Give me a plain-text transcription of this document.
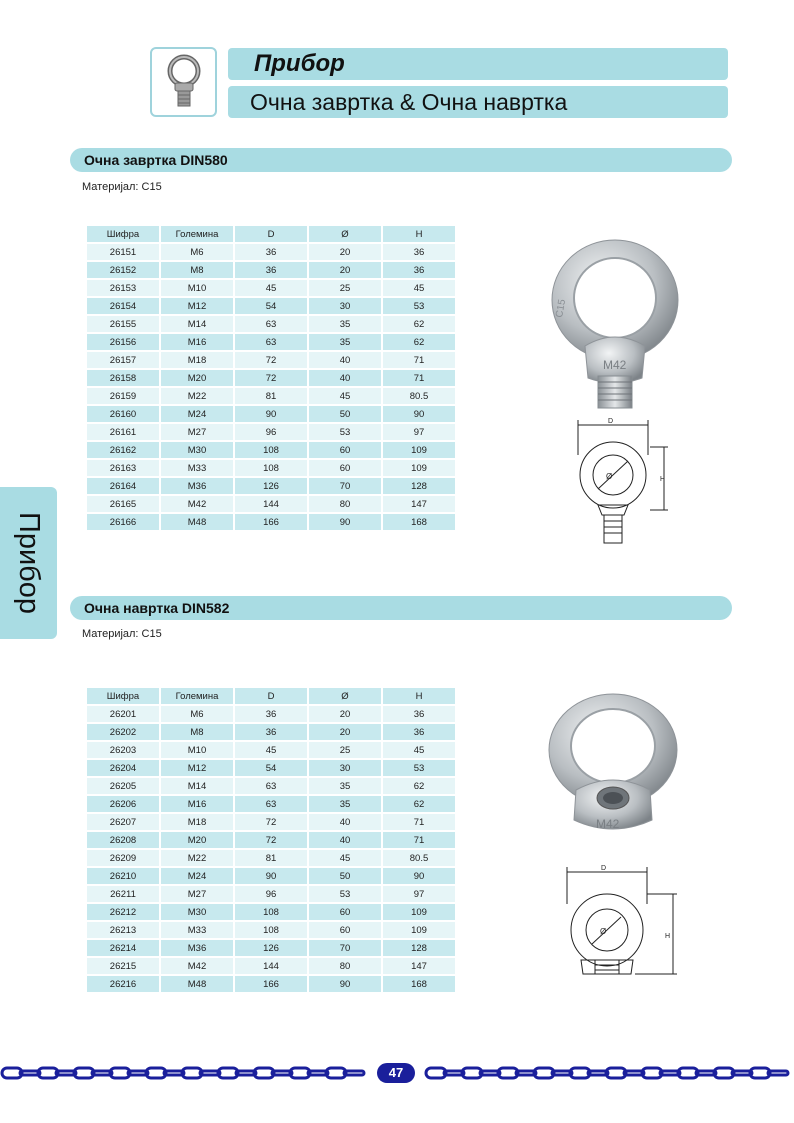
Прибор
Очна завртка & Очна навртка
Прибор
Очна завртка DIN580
Материјал: C15
Шифра	Големина	D	Ø	H
26151	M6	36	20	36
26152	M8	36	20	36
26153	M10	45	25	45
26154	M12	54	30	53
26155	M14	63	35	62
26156	M16	63	35	62
26157	M18	72	40	71
26158	M20	72	40	71
26159	M22	81	45	80.5
26160	M24	90	50	90
26161	M27	96	53	97
26162	M30	108	60	109
26163	M33	108	60	109
26164	M36	126	70	128
26165	M42	144	80	147
26166	M48	166	90	168
M42
C15
D
H
Ø
Очна навртка DIN582
Материјал: C15
Шифра	Големина	D	Ø	H
26201	M6	36	20	36
26202	M8	36	20	36
26203	M10	45	25	45
26204	M12	54	30	53
26205	M14	63	35	62
26206	M16	63	35	62
26207	M18	72	40	71
26208	M20	72	40	71
26209	M22	81	45	80.5
26210	M24	90	50	90
26211	M27	96	53	97
26212	M30	108	60	109
26213	M33	108	60	109
26214	M36	126	70	128
26215	M42	144	80	147
26216	M48	166	90	168
M42
D
H
Ø
47
